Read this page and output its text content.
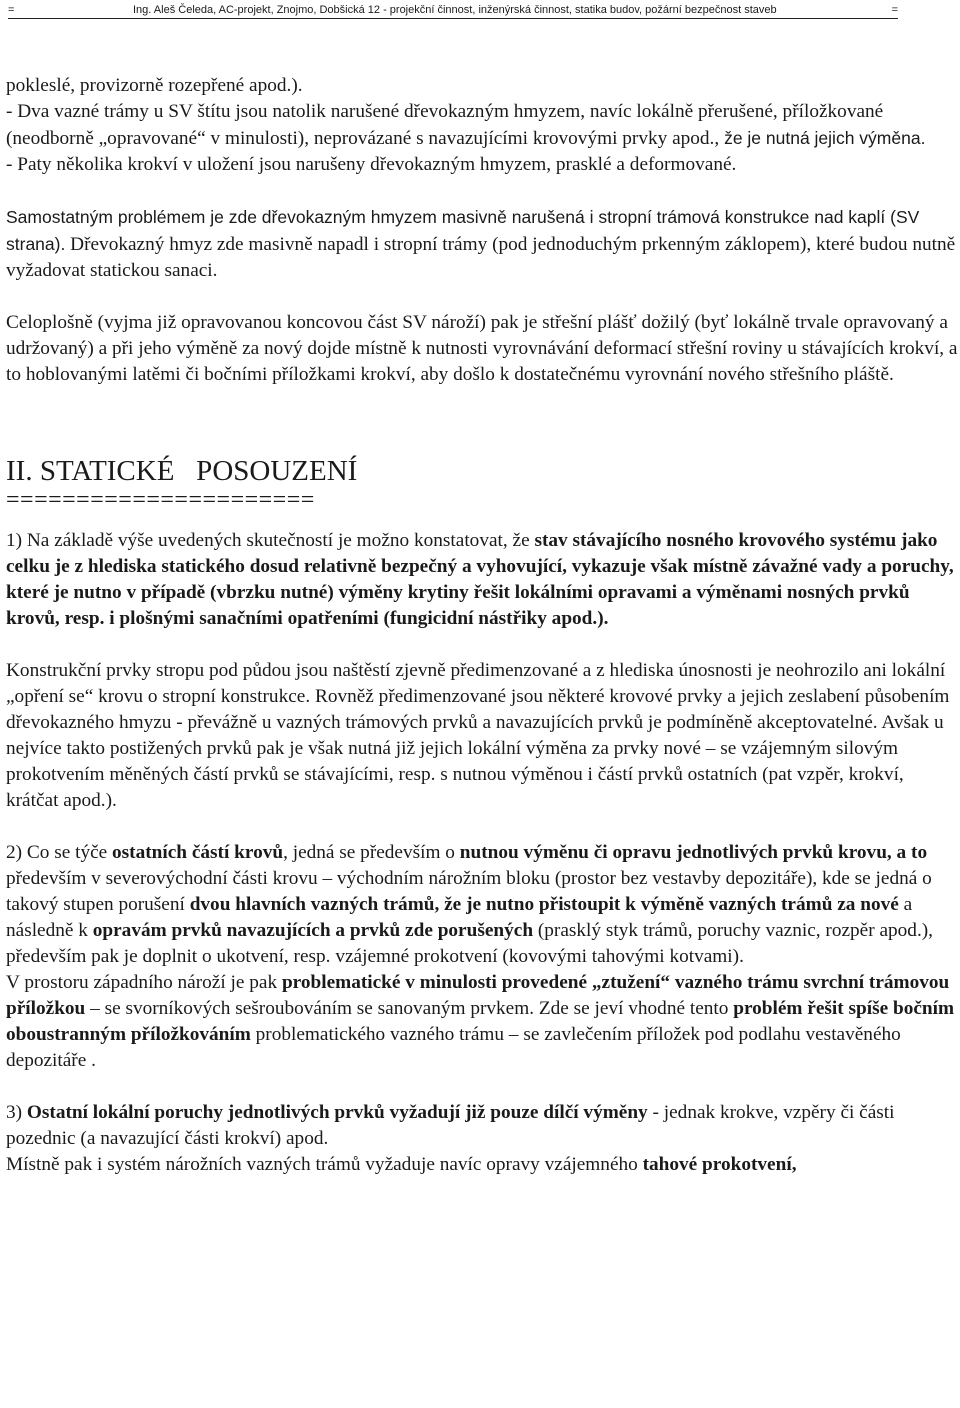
=	Ing. Aleš Čeleda, AC-projekt, Znojmo, Dobšická 12 - projekční činnost, inženýrská činnost, statika budov, požární bezpečnost staveb	=

pokleslé, provizorně rozepřené apod.).

- Dva vazné trámy u SV štítu jsou natolik narušené dřevokazným hmyzem, navíc lokálně přerušené, příložkované (neodborně „opravované“ v minulosti), neprovázané s navazujícími krovovými prvky apod., že je nutná jejich výměna.

- Paty několika krokví v uložení jsou narušeny dřevokazným hmyzem, prasklé a deformované.

Samostatným problémem je zde dřevokazným hmyzem masivně narušená i stropní trámová konstrukce nad kaplí (SV strana). Dřevokazný hmyz zde masivně napadl i stropní trámy (pod jednoduchým prkenným záklopem), které budou nutně vyžadovat statickou sanaci.

Celoplošně (vyjma již opravovanou koncovou část SV nároží) pak je střešní plášť dožilý (byť lokálně trvale opravovaný a udržovaný) a při jeho výměně za nový dojde místně k nutnosti vyrovnávání deformací střešní roviny u stávajících krokví, a to hoblovanými latěmi či bočními příložkami krokví, aby došlo k dostatečnému vyrovnání nového střešního pláště.

II. STATICKÉ   POSOUZENÍ
======================

1) Na základě výše uvedených skutečností je možno konstatovat, že stav stávajícího nosného krovového systému jako celku je z hlediska statického dosud relativně bezpečný a vyhovující, vykazuje však místně závažné vady a poruchy, které je nutno v případě (vbrzku nutné) výměny krytiny řešit lokálními opravami a výměnami nosných prvků krovů, resp. i plošnými sanačními opatřeními (fungicidní nástřiky apod.).

Konstrukční prvky stropu pod půdou jsou naštěstí zjevně předimenzované a z hlediska únosnosti je neohrozilo ani lokální „opření se“ krovu o stropní konstrukce. Rovněž předimenzované jsou některé krovové prvky a jejich zeslabení působením dřevokazného hmyzu - převážně u vazných trámových prvků a navazujících prvků je podmíněně akceptovatelné. Avšak u nejvíce takto postižených prvků pak je však nutná již jejich lokální výměna za prvky nové – se vzájemným silovým prokotvením měněných částí prvků se stávajícími, resp. s nutnou výměnou i částí prvků ostatních (pat vzpěr, krokví, krátčat apod.).

2) Co se týče ostatních částí krovů, jedná se především o nutnou výměnu či opravu jednotlivých prvků krovu, a to především v severovýchodní části krovu – východním nárožním bloku (prostor bez vestavby depozitáře), kde se jedná o takový stupen porušení dvou hlavních vazných trámů, že je nutno přistoupit k výměně vazných trámů za nové a následně k opravám prvků navazujících a prvků zde porušených (prasklý styk trámů, poruchy vaznic, rozpěr apod.), především pak je doplnit o ukotvení, resp. vzájemné prokotvení (kovovými tahovými kotvami).

V prostoru západního nároží je pak problematické v minulosti provedené „ztužení“ vazného trámu svrchní trámovou příložkou – se svorníkových sešroubováním se sanovaným prvkem. Zde se jeví vhodné tento problém řešit spíše bočním oboustranným příložkováním problematického vazného trámu – se zavlečením příložek pod podlahu vestavěného depozitáře .

3) Ostatní lokální poruchy jednotlivých prvků vyžadují již pouze dílčí výměny - jednak krokve, vzpěry či části pozednic (a navazující části krokví) apod.

Místně pak i systém nárožních vazných trámů vyžaduje navíc opravy vzájemného tahové prokotvení,
